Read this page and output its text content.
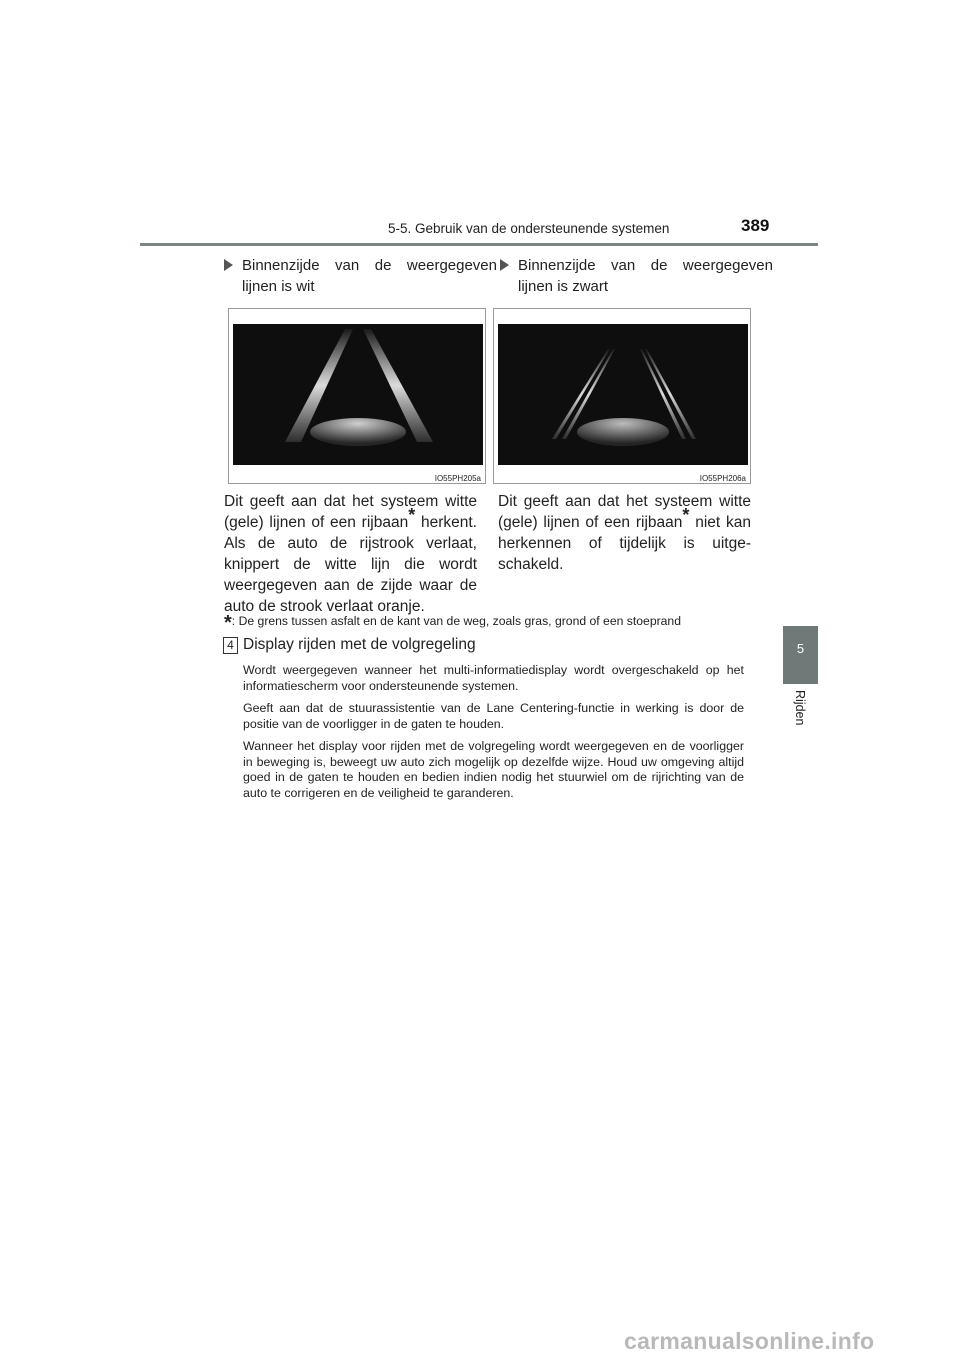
5-5. Gebruik van de ondersteunende systemen	389
5
Rijden
Binnenzijde van de weergegeven lijnen is wit
Binnenzijde van de weergegeven lijnen is zwart
IO55PH205a	IO55PH206a
Dit geeft aan dat het systeem witte (gele) lijnen of een rijbaan* herkent. Als de auto de rijstrook verlaat, knippert de witte lijn die wordt weergegeven aan de zijde waar de auto de strook verlaat oranje.
Dit geeft aan dat het systeem witte (gele) lijnen of een rijbaan* niet kan herkennen of tijdelijk is uitge-schakeld.
*: De grens tussen asfalt en de kant van de weg, zoals gras, grond of een stoeprand
4 Display rijden met de volgregeling
Wordt weergegeven wanneer het multi-informatiedisplay wordt overgeschakeld op het informatiescherm voor ondersteunende systemen.
Geeft aan dat de stuurassistentie van de Lane Centering-functie in werking is door de positie van de voorligger in de gaten te houden.
Wanneer het display voor rijden met de volgregeling wordt weergegeven en de voorligger in beweging is, beweegt uw auto zich mogelijk op dezelfde wijze. Houd uw omgeving altijd goed in de gaten te houden en bedien indien nodig het stuurwiel om de rijrichting van de auto te corrigeren en de veiligheid te garanderen.
carmanualsonline.info
